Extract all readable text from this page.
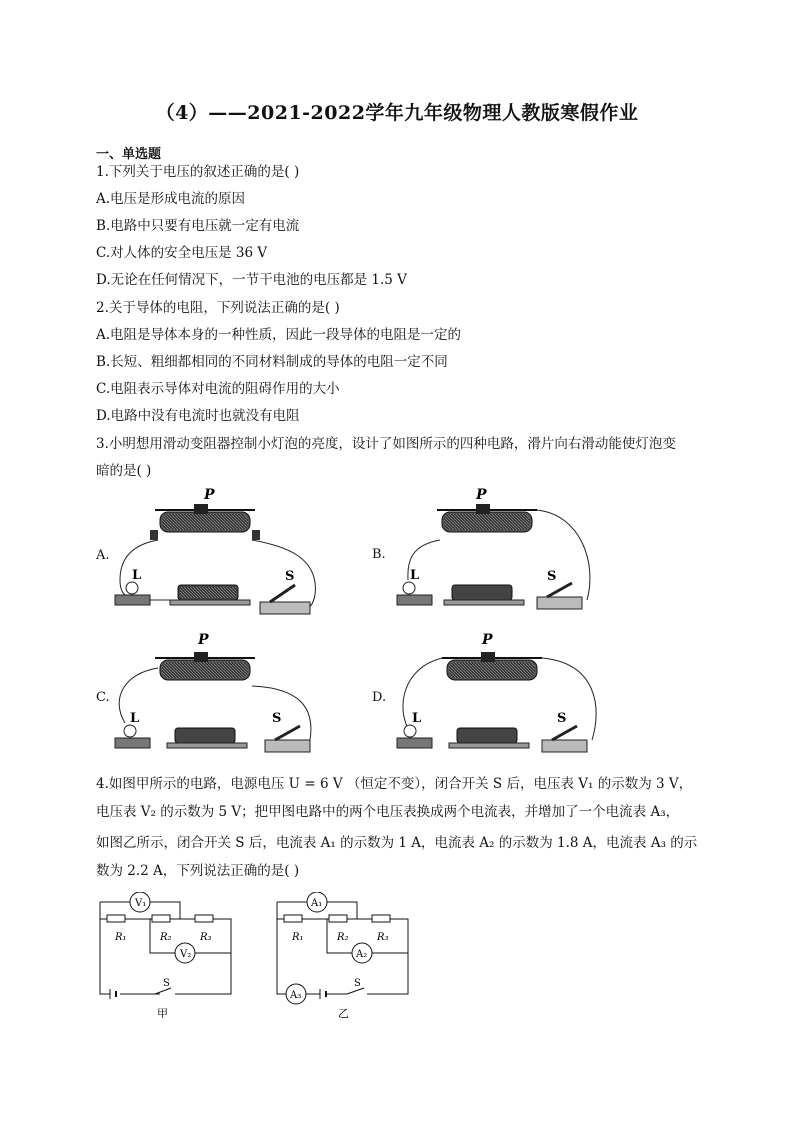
（4）——2021-2022学年九年级物理人教版寒假作业
一、单选题
1.下列关于电压的叙述正确的是( )
A.电压是形成电流的原因
B.电路中只要有电压就一定有电流
C.对人体的安全电压是 36 V
D.无论在任何情况下，一节干电池的电压都是 1.5 V
2.关于导体的电阻，下列说法正确的是( )
A.电阻是导体本身的一种性质，因此一段导体的电阻是一定的
B.长短、粗细都相同的不同材料制成的导体的电阻一定不同
C.电阻表示导体对电流的阻碍作用的大小
D.电路中没有电流时也就没有电阻
3.小明想用滑动变阻器控制小灯泡的亮度，设计了如图所示的四种电路，滑片向右滑动能使灯泡变
暗的是( )
A.	B.
C.	D.
P
L	S
P
L	S
P
L	S
P
L	S
4.如图甲所示的电路，电源电压 U = 6 V （恒定不变），闭合开关 S 后，电压表 V₁ 的示数为 3 V，
电压表 V₂ 的示数为 5 V；把甲图电路中的两个电压表换成两个电流表，并增加了一个电流表 A₃，
如图乙所示，闭合开关 S 后，电流表 A₁ 的示数为 1 A，电流表 A₂ 的示数为 1.8 A，电流表 A₃ 的示
数为 2.2 A，下列说法正确的是( )
V₁
V₂
R₁	R₂	R₃
S
甲
A₁
A₂
A₃
R₁	R₂	R₃
S
乙
